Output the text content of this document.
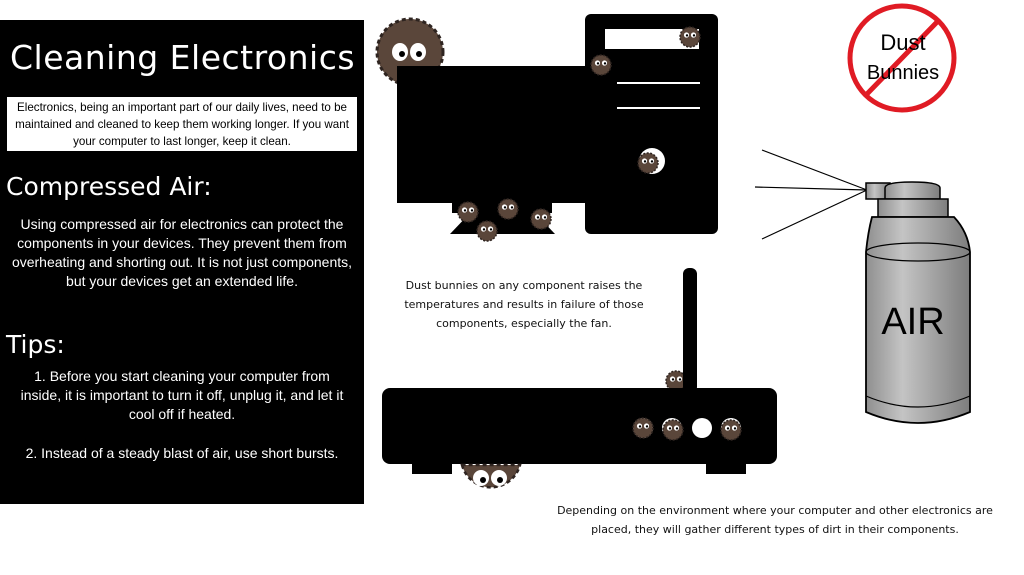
Cleaning Electronics
Electronics, being an important part of our daily lives, need to be maintained and cleaned to keep them working longer. If you want your computer to last longer, keep it clean.
Compressed Air:
Using compressed air for electronics can protect the components in your devices. They prevent them from overheating and shorting out. It is not just components, but your devices get an extended life.
Tips:
1. Before you start cleaning your computer from inside, it is important to turn it off, unplug it, and let it cool off if heated.
2. Instead of a steady blast of air, use short bursts.
AIR
Dust
Bunnies
Dust bunnies on any component raises the temperatures and results in failure of those components, especially the fan.
Depending on the environment where your computer and other electronics are placed, they will gather different types of dirt in their components.
